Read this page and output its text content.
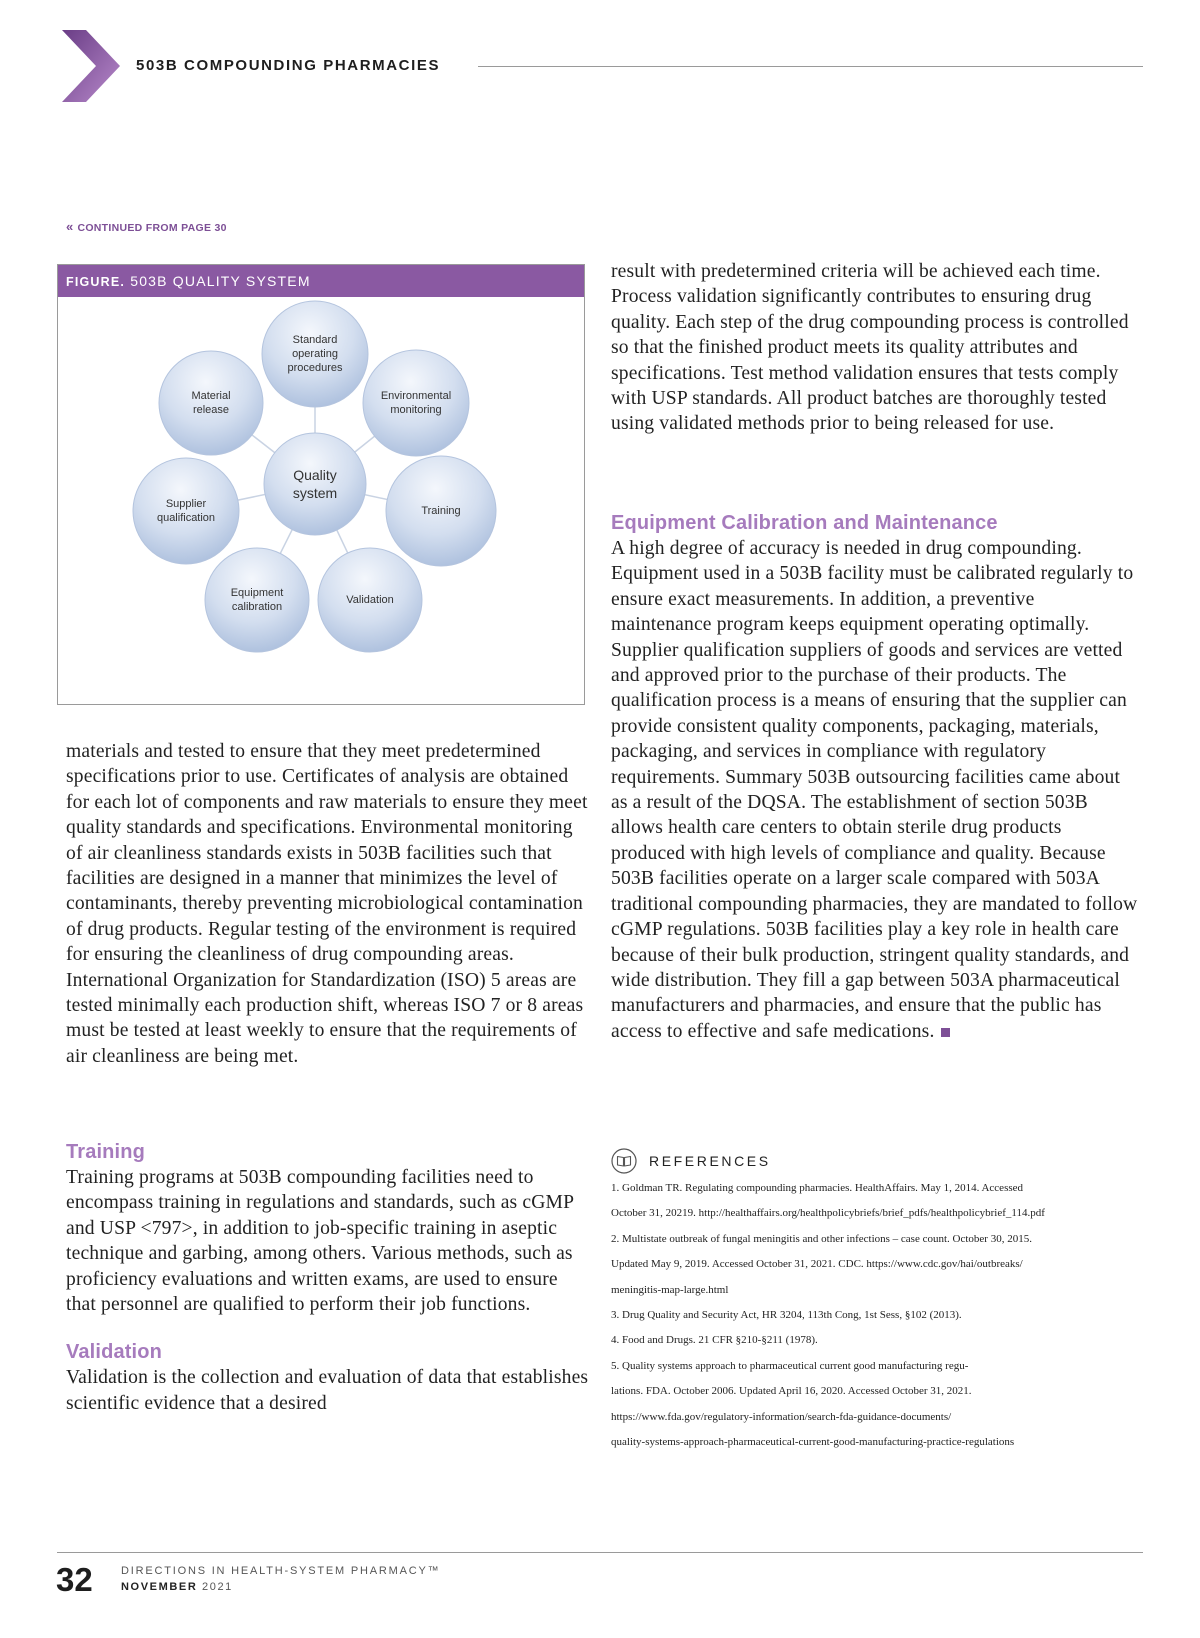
503B COMPOUNDING PHARMACIES
« CONTINUED FROM PAGE 30
FIGURE. 503B QUALITY SYSTEM
Quality
system
Standard
operating
procedures
Environmental
monitoring
Training
Validation
Equipment
calibration
Supplier
qualification
Material
release

materials and tested to ensure that they meet predetermined specifications prior to use. Certificates of analysis are obtained for each lot of components and raw materials to ensure they meet quality standards and specifications. Environmental monitoring of air cleanliness standards exists in 503B facilities such that facilities are designed in a manner that minimizes the level of contaminants, thereby preventing microbiological contamination of drug products. Regular testing of the environment is required for ensuring the cleanliness of drug compounding areas. International Organization for Standardization (ISO) 5 areas are tested minimally each production shift, whereas ISO 7 or 8 areas must be tested at least weekly to ensure that the requirements of air cleanliness are being met.

Training

Training programs at 503B compounding facilities need to encompass training in regulations and standards, such as cGMP and USP <797>, in addition to job-specific training in aseptic technique and garbing, among others. Various methods, such as proficiency evaluations and written exams, are used to ensure that personnel are qualified to perform their job functions.

Validation

Validation is the collection and evaluation of data that establishes scientific evidence that a desired

result with predetermined criteria will be achieved each time. Process validation significantly contributes to ensuring drug quality. Each step of the drug compounding process is controlled so that the finished product meets its quality attributes and specifications. Test method validation ensures that tests comply with USP standards. All product batches are thoroughly tested using validated methods prior to being released for use.

Equipment Calibration and Maintenance

A high degree of accuracy is needed in drug compounding. Equipment used in a 503B facility must be calibrated regularly to ensure exact measurements. In addition, a preventive maintenance program keeps equipment operating optimally. Supplier qualification suppliers of goods and services are vetted and approved prior to the purchase of their products. The qualification process is a means of ensuring that the supplier can provide consistent quality components, packaging, materials, packaging, and services in compliance with regulatory requirements. Summary 503B outsourcing facilities came about as a result of the DQSA. The establishment of section 503B allows health care centers to obtain sterile drug products produced with high levels of compliance and quality. Because 503B facilities operate on a larger scale compared with 503A traditional compounding pharmacies, they are mandated to follow cGMP regulations. 503B facilities play a key role in health care because of their bulk production, stringent quality standards, and wide distribution. They fill a gap between 503A pharmaceutical manufacturers and pharmacies, and ensure that the public has access to effective and safe medications.

REFERENCES
1. Goldman TR. Regulating compounding pharmacies. HealthAffairs. May 1, 2014. Accessed
October 31, 20219. http://healthaffairs.org/healthpolicybriefs/brief_pdfs/healthpolicybrief_114.pdf
2. Multistate outbreak of fungal meningitis and other infections – case count. October 30, 2015.
Updated May 9, 2019. Accessed October 31, 2021. CDC. https://www.cdc.gov/hai/outbreaks/
meningitis-map-large.html
3. Drug Quality and Security Act, HR 3204, 113th Cong, 1st Sess, §102 (2013).
4. Food and Drugs. 21 CFR §210-§211 (1978).
5. Quality systems approach to pharmaceutical current good manufacturing regu-
lations. FDA. October 2006. Updated April 16, 2020. Accessed October 31, 2021.
https://www.fda.gov/regulatory-information/search-fda-guidance-documents/
quality-systems-approach-pharmaceutical-current-good-manufacturing-practice-regulations
32	DIRECTIONS IN HEALTH-SYSTEM PHARMACY™
NOVEMBER 2021
